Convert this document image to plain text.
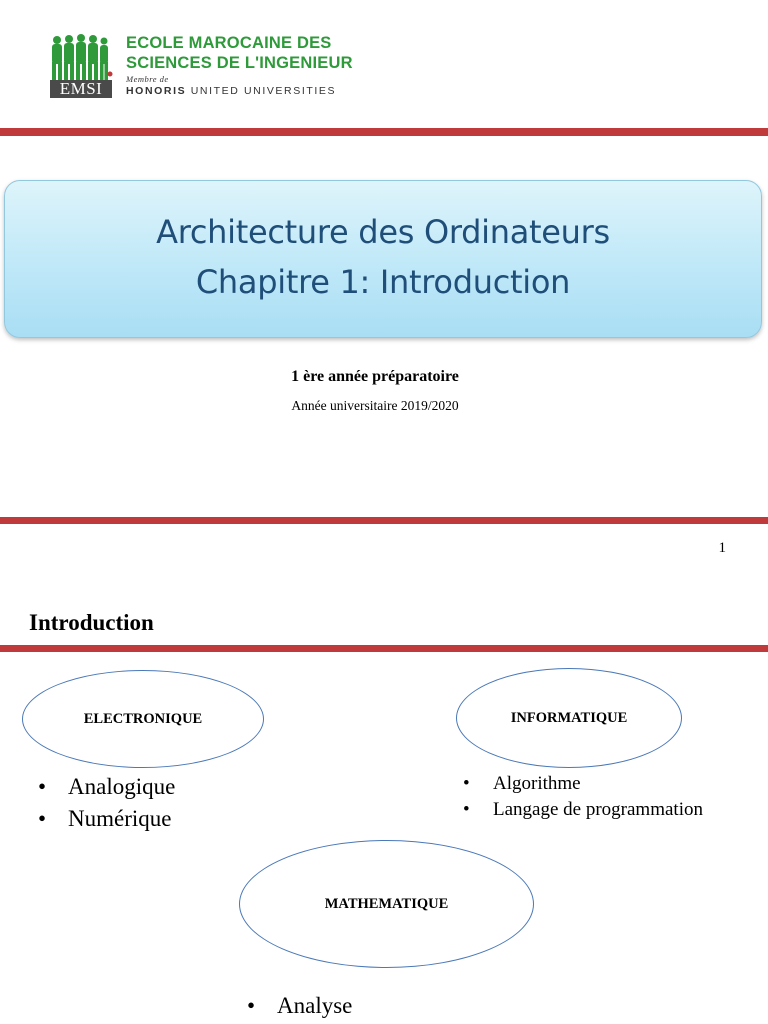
EMSI
ECOLE MAROCAINE DES
SCIENCES DE L'INGENIEUR
Membre de
HONORIS UNITED UNIVERSITIES
Architecture des Ordinateurs
Chapitre 1: Introduction
1 ère année préparatoire
Année universitaire 2019/2020
1
Introduction
ELECTRONIQUE	INFORMATIQUE
MATHEMATIQUE
• Analogique
• Numérique
• Algorithme
• Langage de programmation
• Analyse
